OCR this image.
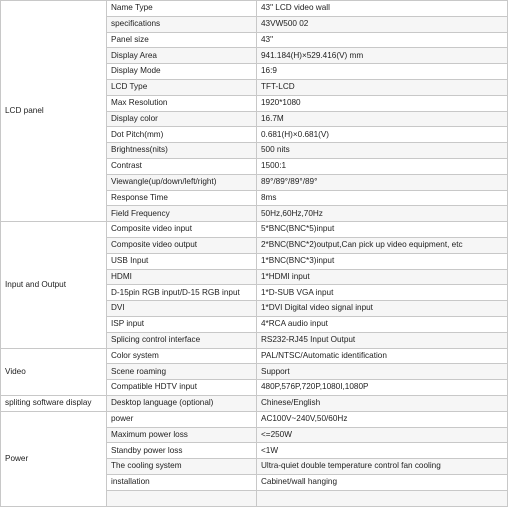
LCD panel	Name Type	43" LCD video wall
	specifications	43VW500 02
	Panel size	43"
	Display Area	941.184(H)×529.416(V) mm
	Display Mode	16:9
	LCD Type	TFT-LCD
	Max Resolution	1920*1080
	Display color	16.7M
	Dot Pitch(mm)	0.681(H)×0.681(V)
	Brightness(nits)	500 nits
	Contrast	1500:1
	Viewangle(up/down/left/right)	89°/89°/89°/89°
	Response Time	8ms
	Field Frequency	50Hz,60Hz,70Hz
Input and Output	Composite video input	5*BNC(BNC*5)input
	Composite video output	2*BNC(BNC*2)output,Can pick up video equipment, etc
	USB Input	1*BNC(BNC*3)input
	HDMI	1*HDMI input
	D-15pin RGB input/D-15 RGB input	1*D-SUB VGA input
	DVI	1*DVI Digital video signal input
	ISP input	4*RCA audio input
	Splicing control interface	RS232-RJ45 Input Output
Video	Color system	PAL/NTSC/Automatic identification
	Scene roaming	Support
	Compatible HDTV input	480P,576P,720P,1080I,1080P
spliting software display	Desktop language (optional)	Chinese/English
Power	power	AC100V~240V,50/60Hz
	Maximum power loss	<=250W
	Standby power loss	<1W
	The cooling system	Ultra-quiet double temperature control fan cooling
	installation	Cabinet/wall hanging
